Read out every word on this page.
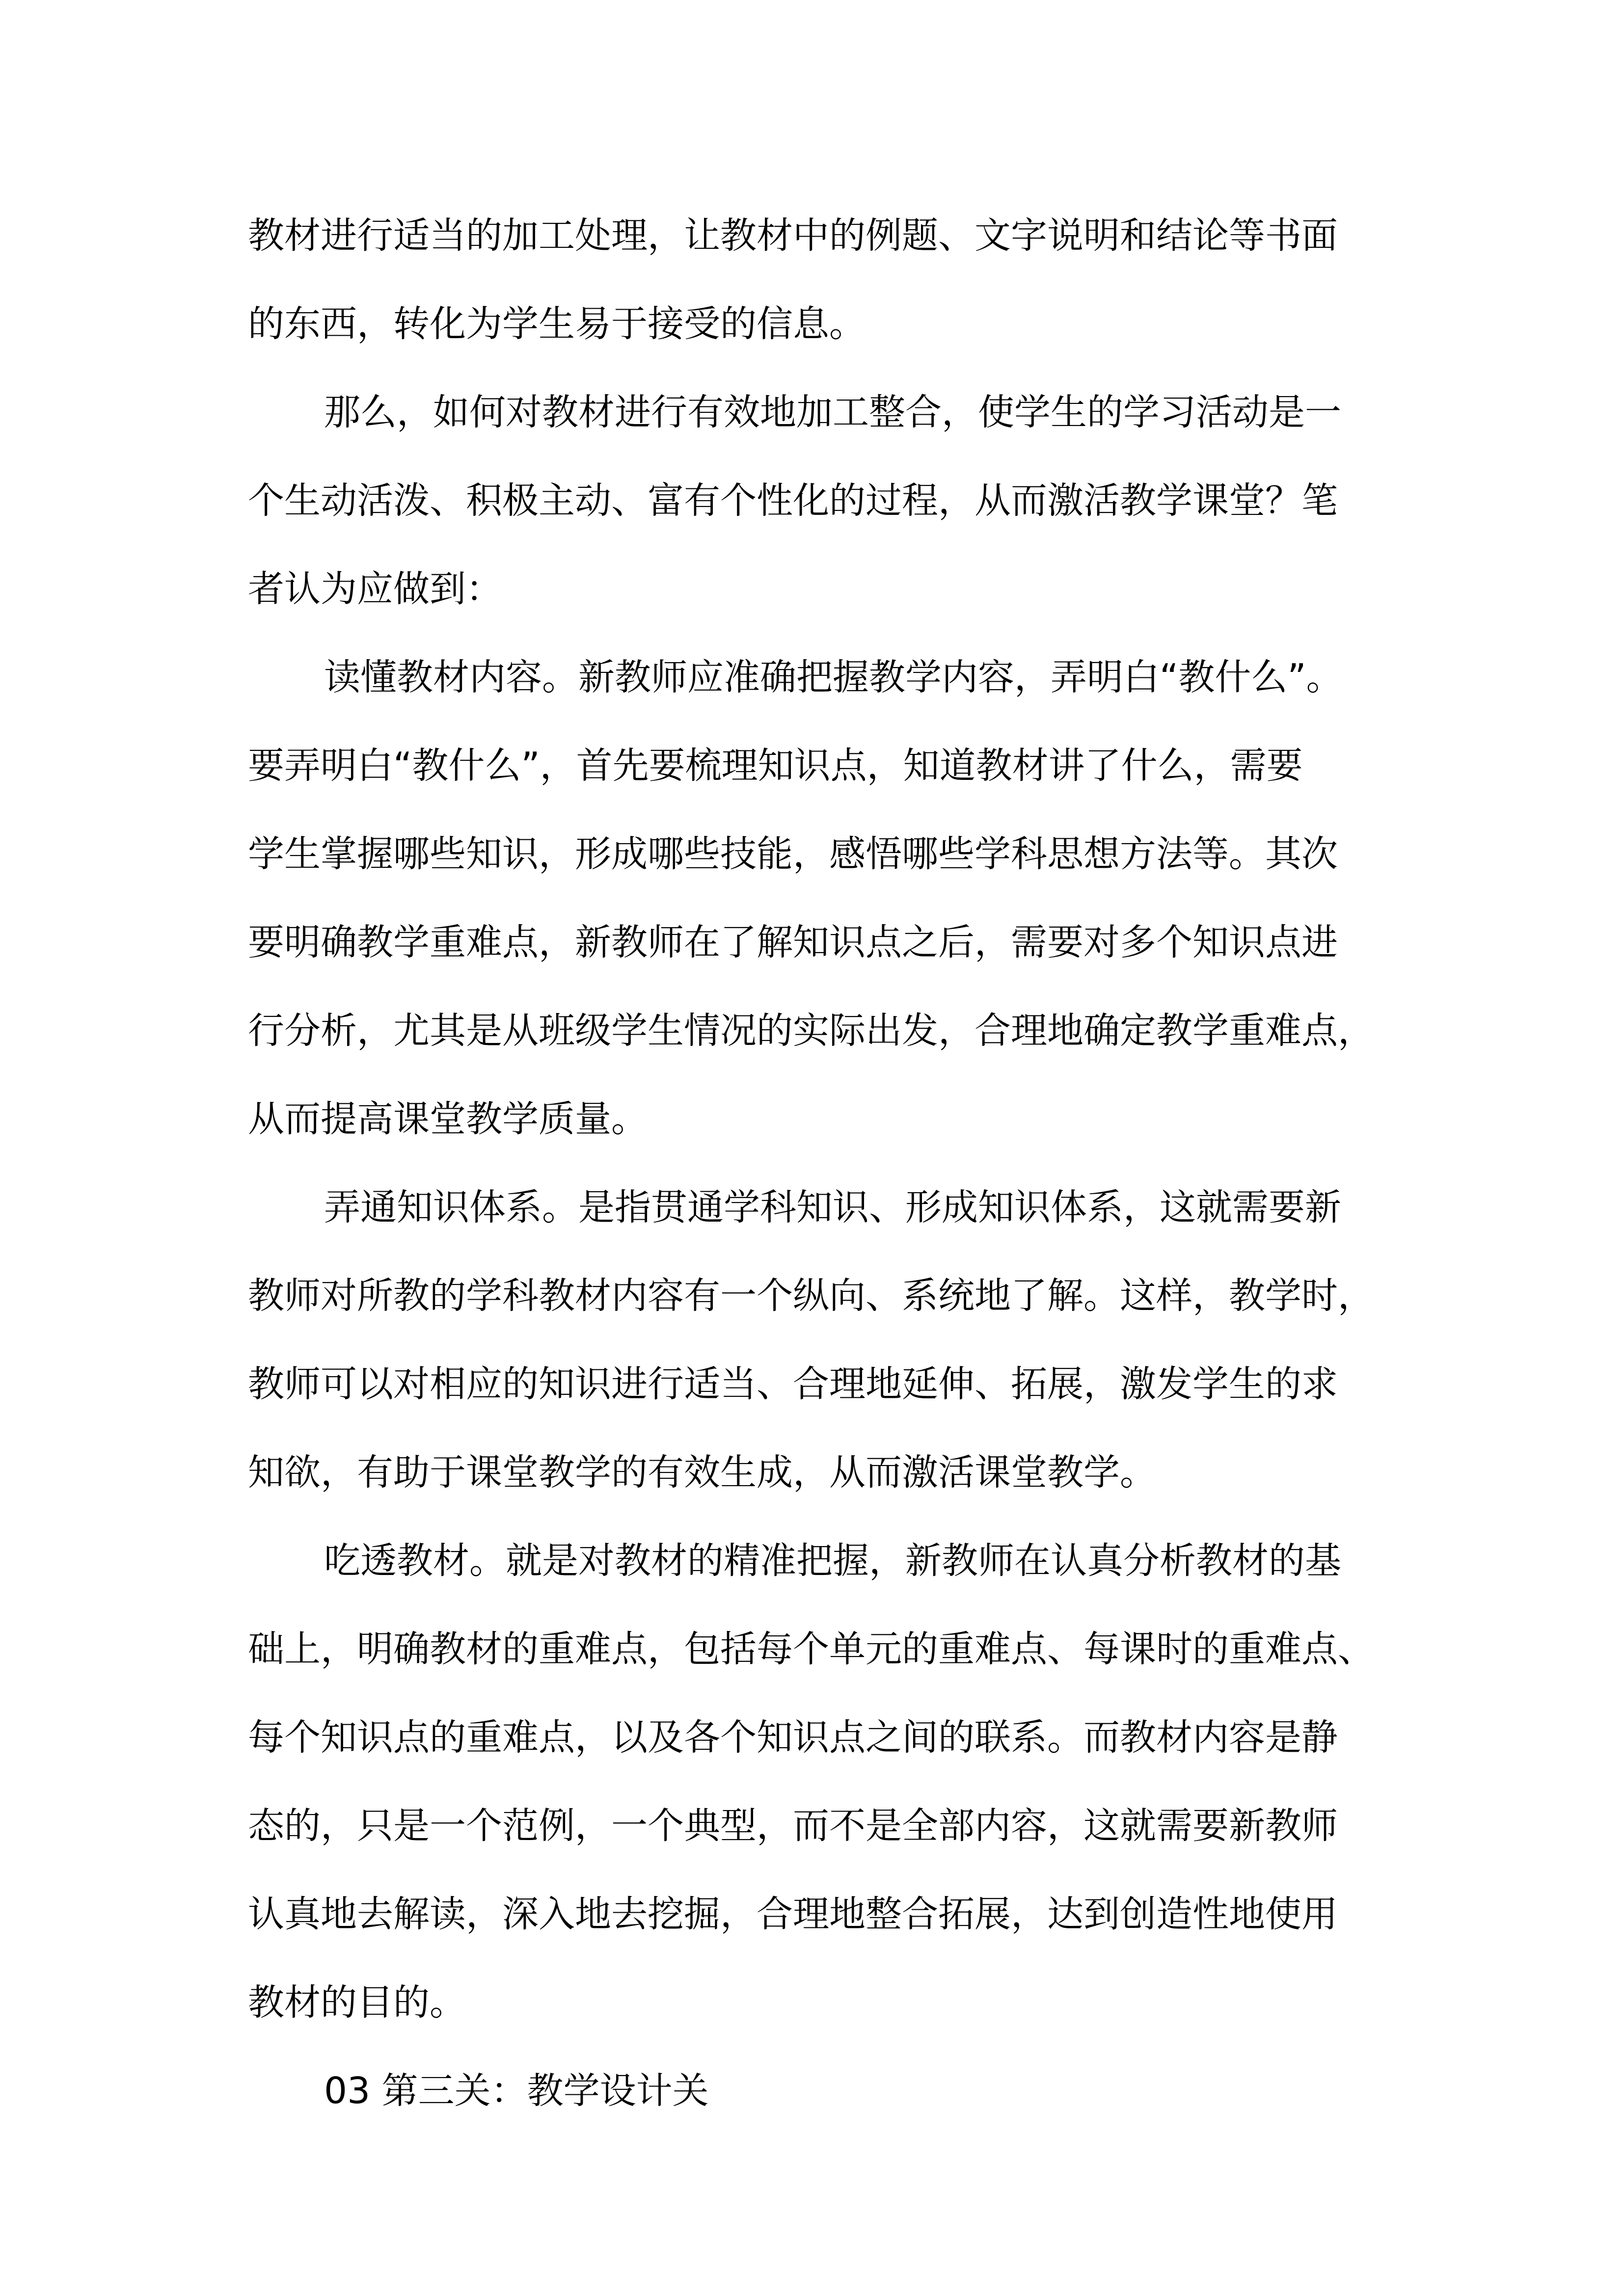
教材进行适当的加工处理，让教材中的例题、文字说明和结论等书面
的东西，转化为学生易于接受的信息。
那么，如何对教材进行有效地加工整合，使学生的学习活动是一
个生动活泼、积极主动、富有个性化的过程，从而激活教学课堂？笔
者认为应做到：
读懂教材内容。新教师应准确把握教学内容，弄明白“教什么”。
要弄明白“教什么”，首先要梳理知识点，知道教材讲了什么，需要
学生掌握哪些知识，形成哪些技能，感悟哪些学科思想方法等。其次
要明确教学重难点，新教师在了解知识点之后，需要对多个知识点进
行分析，尤其是从班级学生情况的实际出发，合理地确定教学重难点，
从而提高课堂教学质量。
弄通知识体系。是指贯通学科知识、形成知识体系，这就需要新
教师对所教的学科教材内容有一个纵向、系统地了解。这样，教学时，
教师可以对相应的知识进行适当、合理地延伸、拓展，激发学生的求
知欲，有助于课堂教学的有效生成，从而激活课堂教学。
吃透教材。就是对教材的精准把握，新教师在认真分析教材的基
础上，明确教材的重难点，包括每个单元的重难点、每课时的重难点、
每个知识点的重难点，以及各个知识点之间的联系。而教材内容是静
态的，只是一个范例，一个典型，而不是全部内容，这就需要新教师
认真地去解读，深入地去挖掘，合理地整合拓展，达到创造性地使用
教材的目的。
03 第三关：教学设计关
